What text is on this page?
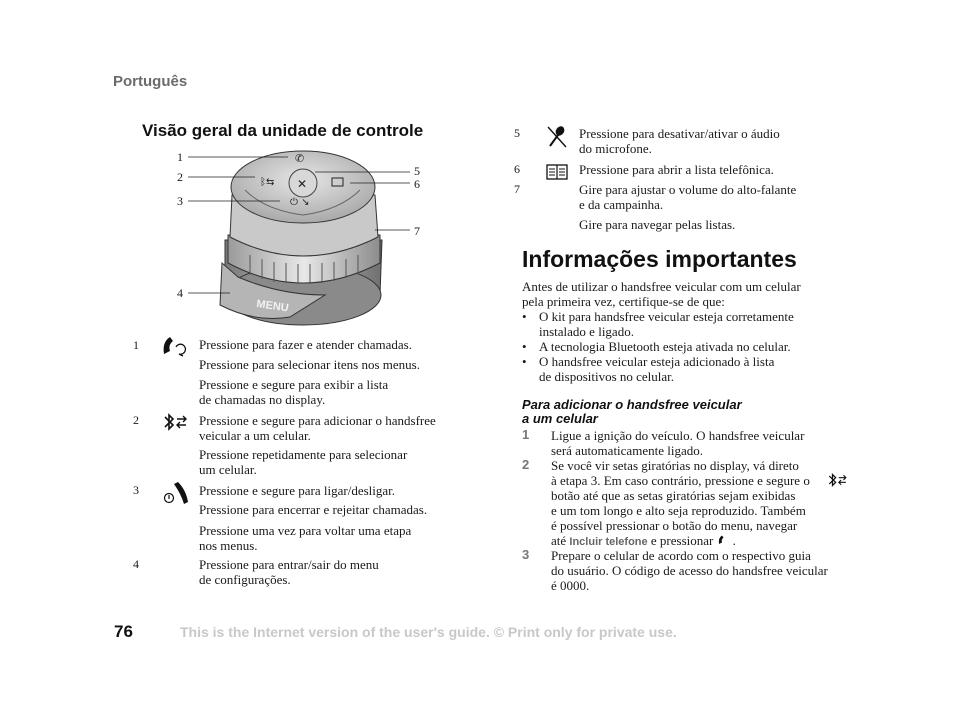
Português
Visão geral da unidade de controle
✕
✆
ᛒ⇆
⏻ ↘
MENU
1
2
3
4
5
6
7
1	Pressione para fazer e atender chamadas.
Pressione para selecionar itens nos menus.
Pressione e segure para exibir a lista
de chamadas no display.
2	Pressione e segure para adicionar o handsfree
veicular a um celular.
Pressione repetidamente para selecionar
um celular.
3	Pressione e segure para ligar/desligar.
Pressione para encerrar e rejeitar chamadas.
Pressione uma vez para voltar uma etapa
nos menus.
4	Pressione para entrar/sair do menu
de configurações.
5	Pressione para desativar/ativar o áudio
do microfone.
6	Pressione para abrir a lista telefônica.
7	Gire para ajustar o volume do alto-falante
e da campainha.
Gire para navegar pelas listas.
Informações importantes
Antes de utilizar o handsfree veicular com um celular
pela primeira vez, certifique-se de que:
• O kit para handsfree veicular esteja corretamente
instalado e ligado.
• A tecnologia Bluetooth esteja ativada no celular.
• O handsfree veicular esteja adicionado à lista
de dispositivos no celular.
Para adicionar o handsfree veicular
a um celular
1 Ligue a ignição do veículo. O handsfree veicular
será automaticamente ligado.
2 Se você vir setas giratórias no display, vá direto
à etapa 3. Em caso contrário, pressione e segure o
botão até que as setas giratórias sejam exibidas
e um tom longo e alto seja reproduzido. Também
é possível pressionar o botão do menu, navegar
até Incluir telefone e pressionar .
3 Prepare o celular de acordo com o respectivo guia
do usuário. O código de acesso do handsfree veicular
é 0000.
76	This is the Internet version of the user's guide. © Print only for private use.
